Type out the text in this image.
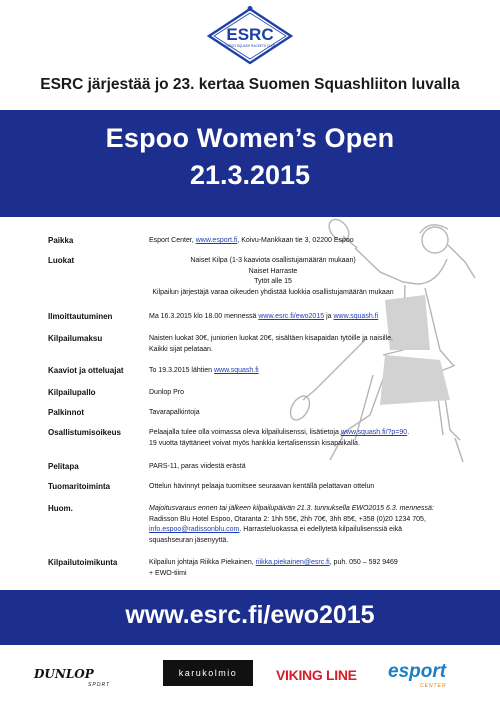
ESRC
ESPOO SQUASH RACKETS CLUB
ESRC järjestää jo 23. kertaa Suomen Squashliiton luvalla
Espoo Women’s Open
21.3.2015
Paikka	Esport Center, www.esport.fi, Koivu-Mankkaan tie 3, 02200 Espoo
Luokat	Naiset Kilpa (1-3 kaaviota osallistujamäärän mukaan)
Naiset Harraste
Tytöt alle 15
Kilpailun järjestäjä varaa oikeuden yhdistää luokkia osallistujamäärän mukaan
Ilmoittautuminen	Ma 16.3.2015 klo 18.00 mennessä www.esrc.fi/ewo2015 ja www.squash.fi
Kilpailumaksu	Naisten luokat 30€, juniorien luokat 20€, sisältäen kisapaidan tytöille ja naisille.
Kaikki sijat pelataan.
Kaaviot ja otteluajat	To 19.3.2015 lähtien www.squash.fi
Kilpailupallo	Dunlop Pro
Palkinnot	Tavarapalkintoja
Osallistumisoikeus	Pelaajalla tulee olla voimassa oleva kilpailulisenssi, lisätietoja www.squash.fi/?p=90.
19 vuotta täyttäneet voivat myös hankkia kertalisenssin kisapaikalla.
Pelitapa	PARS-11, paras viidestä erästä
Tuomaritoiminta	Ottelun hävinnyt pelaaja tuomitsee seuraavan kentällä pelattavan ottelun
Huom.	Majoitusvaraus ennen tai jälkeen kilpailupäivän 21.3. tunnuksella EWO2015 6.3. mennessä:
Radisson Blu Hotel Espoo, Otaranta 2: 1hh 55€, 2hh 70€, 3hh 85€, +358 (0)20 1234 705,
info.espoo@radissonblu.com. Harrasteluokassa ei edellytetä kilpailulisenssiä eikä
squashseuran jäsenyyttä.
Kilpailutoimikunta	Kilpailun johtaja Riikka Piekainen, riikka.piekainen@esrc.fi, puh. 050 – 592 9469
+ EWO-tiimi
www.esrc.fi/ewo2015
DUNLOP
SPORT
karukolmio	VIKING LINE esport
CENTER
